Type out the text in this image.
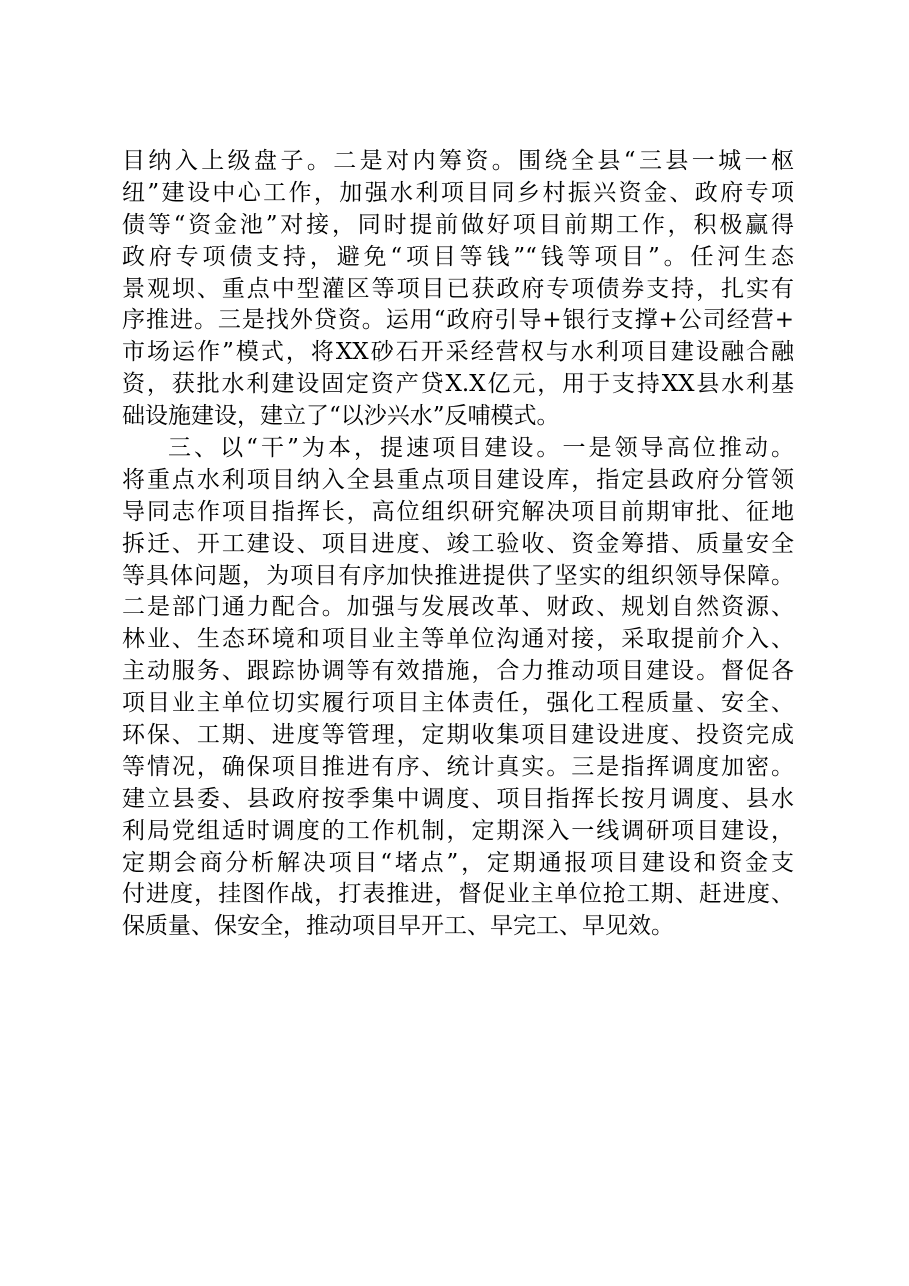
目纳入上级盘子。二是对内筹资。围绕全县“三县一城一枢
纽”建设中心工作，加强水利项目同乡村振兴资金、政府专项
债等“资金池”对接，同时提前做好项目前期工作，积极赢得
政府专项债支持，避免“项目等钱”“钱等项目”。任河生态
景观坝、重点中型灌区等项目已获政府专项债券支持，扎实有
序推进。三是找外贷资。运用“政府引导+银行支撑+公司经营+
市场运作”模式，将XX砂石开采经营权与水利项目建设融合融
资，获批水利建设固定资产贷X.X亿元，用于支持XX县水利基
础设施建设，建立了“以沙兴水”反哺模式。
三、以“干”为本，提速项目建设。一是领导高位推动。
将重点水利项目纳入全县重点项目建设库，指定县政府分管领
导同志作项目指挥长，高位组织研究解决项目前期审批、征地
拆迁、开工建设、项目进度、竣工验收、资金筹措、质量安全
等具体问题，为项目有序加快推进提供了坚实的组织领导保障。
二是部门通力配合。加强与发展改革、财政、规划自然资源、
林业、生态环境和项目业主等单位沟通对接，采取提前介入、
主动服务、跟踪协调等有效措施，合力推动项目建设。督促各
项目业主单位切实履行项目主体责任，强化工程质量、安全、
环保、工期、进度等管理，定期收集项目建设进度、投资完成
等情况，确保项目推进有序、统计真实。三是指挥调度加密。
建立县委、县政府按季集中调度、项目指挥长按月调度、县水
利局党组适时调度的工作机制，定期深入一线调研项目建设，
定期会商分析解决项目“堵点”，定期通报项目建设和资金支
付进度，挂图作战，打表推进，督促业主单位抢工期、赶进度、
保质量、保安全，推动项目早开工、早完工、早见效。
